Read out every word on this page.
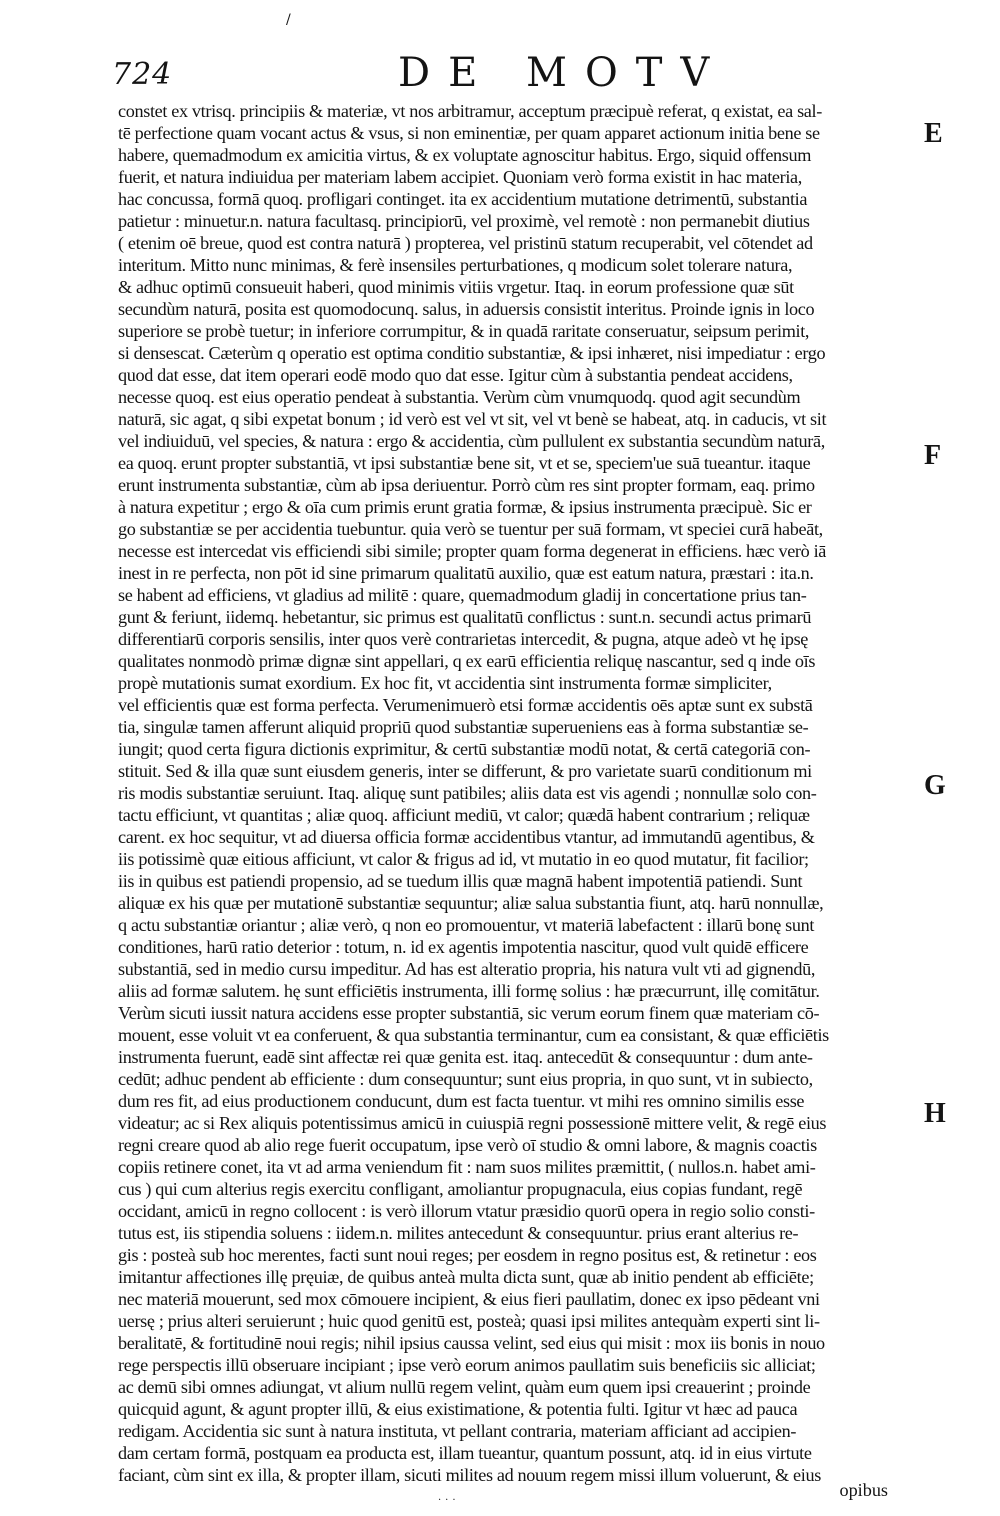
/
724	DE MOTV
E
F
G
H
constet ex vtrisq. principiis & materiæ, vt nos arbitramur, acceptum præcipuè referat, q existat, ea sal-
tē perfectione quam vocant actus & vsus, si non eminentiæ, per quam apparet actionum initia bene se
habere, quemadmodum ex amicitia virtus, & ex voluptate agnoscitur habitus. Ergo, siquid offensum
fuerit, et natura indiuidua per materiam labem accipiet. Quoniam verò forma existit in hac materia,
hac concussa, formā quoq. profligari continget. ita ex accidentium mutatione detrimentū, substantia
patietur : minuetur.n. natura facultasq. principiorū, vel proximè, vel remotè : non permanebit diutius
( etenim oē breue, quod est contra naturā ) propterea, vel pristinū statum recuperabit, vel cōtendet ad
interitum. Mitto nunc minimas, & ferè insensiles perturbationes, q modicum solet tolerare natura,
& adhuc optimū consueuit haberi, quod minimis vitiis vrgetur. Itaq. in eorum professione quæ sūt
secundùm naturā, posita est quomodocunq. salus, in aduersis consistit interitus. Proinde ignis in loco
superiore se probè tuetur; in inferiore corrumpitur, & in quadā raritate conseruatur, seipsum perimit,
si densescat. Cæterùm q operatio est optima conditio substantiæ, & ipsi inhæret, nisi impediatur : ergo
quod dat esse, dat item operari eodē modo quo dat esse. Igitur cùm à substantia pendeat accidens,
necesse quoq. est eius operatio pendeat à substantia. Verùm cùm vnumquodq. quod agit secundùm
naturā, sic agat, q sibi expetat bonum ; id verò est vel vt sit, vel vt benè se habeat, atq. in caducis, vt sit
vel indiuiduū, vel species, & natura : ergo & accidentia, cùm pullulent ex substantia secundùm naturā,
ea quoq. erunt propter substantiā, vt ipsi substantiæ bene sit, vt et se, speciem'ue suā tueantur. itaque
erunt instrumenta substantiæ, cùm ab ipsa deriuentur. Porrò cùm res sint propter formam, eaq. primo
à natura expetitur ; ergo & oīa cum primis erunt gratia formæ, & ipsius instrumenta præcipuè. Sic er
go substantiæ se per accidentia tuebuntur. quia verò se tuentur per suā formam, vt speciei curā habeāt,
necesse est intercedat vis efficiendi sibi simile; propter quam forma degenerat in efficiens. hæc verò iā
inest in re perfecta, non pōt id sine primarum qualitatū auxilio, quæ est eatum natura, præstari : ita.n.
se habent ad efficiens, vt gladius ad militē : quare, quemadmodum gladij in concertatione prius tan-
gunt & feriunt, iidemq. hebetantur, sic primus est qualitatū conflictus : sunt.n. secundi actus primarū
differentiarū corporis sensilis, inter quos verè contrarietas intercedit, & pugna, atque adeò vt hę ipsę
qualitates nonmodò primæ dignæ sint appellari, q ex earū efficientia reliquę nascantur, sed q inde oīs
propè mutationis sumat exordium. Ex hoc fit, vt accidentia sint instrumenta formæ simpliciter,
vel efficientis quæ est forma perfecta. Verumenimuerò etsi formæ accidentis oēs aptæ sunt ex substā
tia, singulæ tamen afferunt aliquid propriū quod substantiæ superueniens eas à forma substantiæ se-
iungit; quod certa figura dictionis exprimitur, & certū substantiæ modū notat, & certā categoriā con-
stituit. Sed & illa quæ sunt eiusdem generis, inter se differunt, & pro varietate suarū conditionum mi
ris modis substantiæ seruiunt. Itaq. aliquę sunt patibiles; aliis data est vis agendi ; nonnullæ solo con-
tactu efficiunt, vt quantitas ; aliæ quoq. afficiunt mediū, vt calor; quædā habent contrarium ; reliquæ
carent. ex hoc sequitur, vt ad diuersa officia formæ accidentibus vtantur, ad immutandū agentibus, &
iis potissimè quæ eitious afficiunt, vt calor & frigus ad id, vt mutatio in eo quod mutatur, fit facilior;
iis in quibus est patiendi propensio, ad se tuedum illis quæ magnā habent impotentiā patiendi. Sunt
aliquæ ex his quæ per mutationē substantiæ sequuntur; aliæ salua substantia fiunt, atq. harū nonnullæ,
q actu substantiæ oriantur ; aliæ verò, q non eo promouentur, vt materiā labefactent : illarū bonę sunt
conditiones, harū ratio deterior : totum, n. id ex agentis impotentia nascitur, quod vult quidē efficere
substantiā, sed in medio cursu impeditur. Ad has est alteratio propria, his natura vult vti ad gignendū,
aliis ad formæ salutem. hę sunt efficiētis instrumenta, illi formę solius : hæ præcurrunt, illę comitātur.
Verùm sicuti iussit natura accidens esse propter substantiā, sic verum eorum finem quæ materiam cō-
mouent, esse voluit vt ea conferuent, & qua substantia terminantur, cum ea consistant, & quæ efficiētis
instrumenta fuerunt, eadē sint affectæ rei quæ genita est. itaq. antecedūt & consequuntur : dum ante-
cedūt; adhuc pendent ab efficiente : dum consequuntur; sunt eius propria, in quo sunt, vt in subiecto,
dum res fit, ad eius productionem conducunt, dum est facta tuentur. vt mihi res omnino similis esse
videatur; ac si Rex aliquis potentissimus amicū in cuiuspiā regni possessionē mittere velit, & regē eius
regni creare quod ab alio rege fuerit occupatum, ipse verò oī studio & omni labore, & magnis coactis
copiis retinere conet, ita vt ad arma veniendum fit : nam suos milites præmittit, ( nullos.n. habet ami-
cus ) qui cum alterius regis exercitu confligant, amoliantur propugnacula, eius copias fundant, regē
occidant, amicū in regno collocent : is verò illorum vtatur præsidio quorū opera in regio solio consti-
tutus est, iis stipendia soluens : iidem.n. milites antecedunt & consequuntur. prius erant alterius re-
gis : posteà sub hoc merentes, facti sunt noui reges; per eosdem in regno positus est, & retinetur : eos
imitantur affectiones illę pręuiæ, de quibus anteà multa dicta sunt, quæ ab initio pendent ab efficiēte;
nec materiā mouerunt, sed mox cōmouere incipient, & eius fieri paullatim, donec ex ipso pēdeant vni
uersę ; prius alteri seruierunt ; huic quod genitū est, posteà; quasi ipsi milites antequàm experti sint li-
beralitatē, & fortitudinē noui regis; nihil ipsius caussa velint, sed eius qui misit : mox iis bonis in nouo
rege perspectis illū obseruare incipiant ; ipse verò eorum animos paullatim suis beneficiis sic alliciat;
ac demū sibi omnes adiungat, vt alium nullū regem velint, quàm eum quem ipsi creauerint ; proinde
quicquid agunt, & agunt propter illū, & eius existimatione, & potentia fulti. Igitur vt hæc ad pauca
redigam. Accidentia sic sunt à natura instituta, vt pellant contraria, materiam afficiant ad accipien-
dam certam formā, postquam ea producta est, illam tueantur, quantum possunt, atq. id in eius virtute
faciant, cùm sint ex illa, & propter illam, sicuti milites ad nouum regem missi illum voluerunt, & eius
opibus
...
